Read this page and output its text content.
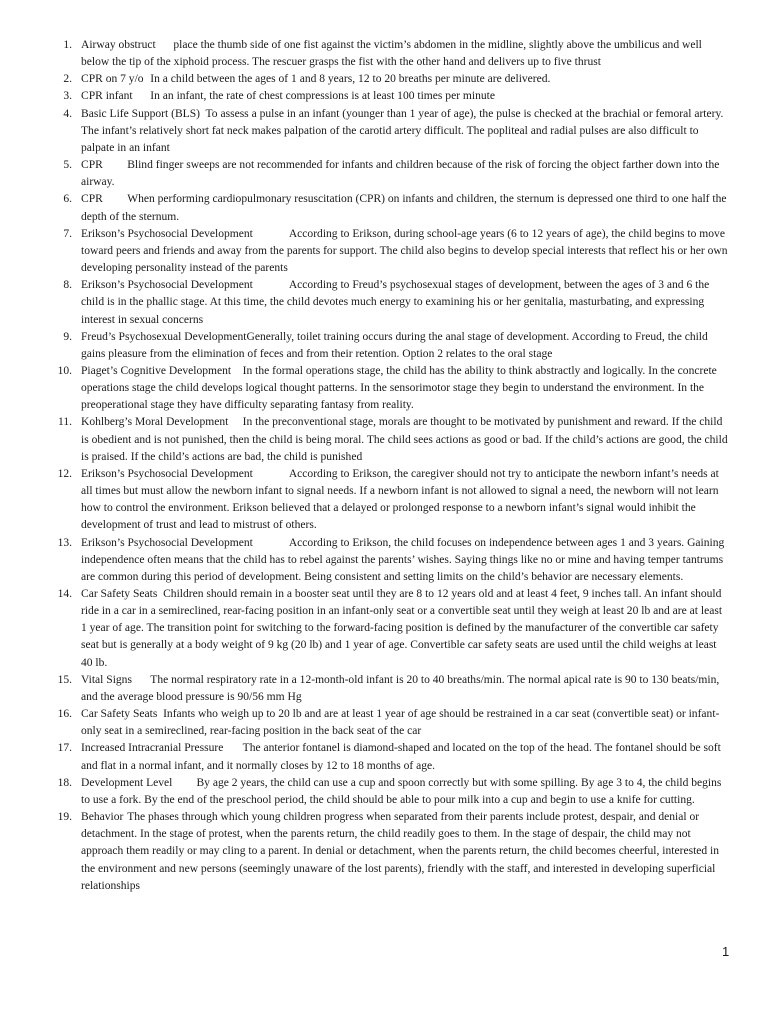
1. Airway obstruct	place the thumb side of one fist against the victim’s abdomen in the midline, slightly above the umbilicus and well below the tip of the xiphoid process. The rescuer grasps the fist with the other hand and delivers up to five thrust
2. CPR on 7 y/o	In a child between the ages of 1 and 8 years, 12 to 20 breaths per minute are delivered.
3. CPR infant	In an infant, the rate of chest compressions is at least 100 times per minute
4. Basic Life Support (BLS)  To assess a pulse in an infant (younger than 1 year of age), the pulse is checked at the brachial or femoral artery. The infant’s relatively short fat neck makes palpation of the carotid artery difficult. The popliteal and radial pulses are also difficult to palpate in an infant
5. CPR	Blind finger sweeps are not recommended for infants and children because of the risk of forcing the object farther down into the airway.
6. CPR	When performing cardiopulmonary resuscitation (CPR) on infants and children, the sternum is depressed one third to one half the depth of the sternum.
7. Erikson’s Psychosocial Development		According to Erikson, during school-age years (6 to 12 years of age), the child begins to move toward peers and friends and away from the parents for support. The child also begins to develop special interests that reflect his or her own developing personality instead of the parents
8. Erikson’s Psychosocial Development		According to Freud’s psychosexual stages of development, between the ages of 3 and 6 the child is in the phallic stage. At this time, the child devotes much energy to examining his or her genitalia, masturbating, and expressing interest in sexual concerns
9. Freud’s Psychosexual DevelopmentGenerally, toilet training occurs during the anal stage of development. According to Freud, the child gains pleasure from the elimination of feces and from their retention. Option 2 relates to the oral stage
10. Piaget’s Cognitive Development	In the formal operations stage, the child has the ability to think abstractly and logically. In the concrete operations stage the child develops logical thought patterns. In the sensorimotor stage they begin to understand the environment. In the preoperational stage they have difficulty separating fantasy from reality.
11. Kohlberg’s Moral Development	In the preconventional stage, morals are thought to be motivated by punishment and reward. If the child is obedient and is not punished, then the child is being moral. The child sees actions as good or bad. If the child’s actions are good, the child is praised. If the child’s actions are bad, the child is punished
12. Erikson’s Psychosocial Development		According to Erikson, the caregiver should not try to anticipate the newborn infant’s needs at all times but must allow the newborn infant to signal needs. If a newborn infant is not allowed to signal a need, the newborn will not learn how to control the environment. Erikson believed that a delayed or prolonged response to a newborn infant’s signal would inhibit the development of trust and lead to mistrust of others.
13. Erikson’s Psychosocial Development		According to Erikson, the child focuses on independence between ages 1 and 3 years. Gaining independence often means that the child has to rebel against the parents’ wishes. Saying things like no or mine and having temper tantrums are common during this period of development. Being consistent and setting limits on the child’s behavior are necessary elements.
14. Car Safety Seats  Children should remain in a booster seat until they are 8 to 12 years old and at least 4 feet, 9 inches tall. An infant should ride in a car in a semireclined, rear-facing position in an infant-only seat or a convertible seat until they weigh at least 20 lb and are at least 1 year of age. The transition point for switching to the forward-facing position is defined by the manufacturer of the convertible car safety seat but is generally at a body weight of 9 kg (20 lb) and 1 year of age. Convertible car safety seats are used until the child weighs at least 40 lb.
15. Vital Signs	The normal respiratory rate in a 12-month-old infant is 20 to 40 breaths/min. The normal apical rate is 90 to 130 beats/min, and the average blood pressure is 90/56 mm Hg
16. Car Safety Seats  Infants who weigh up to 20 lb and are at least 1 year of age should be restrained in a car seat (convertible seat) or infant-only seat in a semireclined, rear-facing position in the back seat of the car
17. Increased Intracranial Pressure	The anterior fontanel is diamond-shaped and located on the top of the head. The fontanel should be soft and flat in a normal infant, and it normally closes by 12 to 18 months of age.
18. Development Level	By age 2 years, the child can use a cup and spoon correctly but with some spilling. By age 3 to 4, the child begins to use a fork. By the end of the preschool period, the child should be able to pour milk into a cup and begin to use a knife for cutting.
19. Behavior	The phases through which young children progress when separated from their parents include protest, despair, and denial or detachment. In the stage of protest, when the parents return, the child readily goes to them. In the stage of despair, the child may not approach them readily or may cling to a parent. In denial or detachment, when the parents return, the child becomes cheerful, interested in the environment and new persons (seemingly unaware of the lost parents), friendly with the staff, and interested in developing superficial relationships
1
